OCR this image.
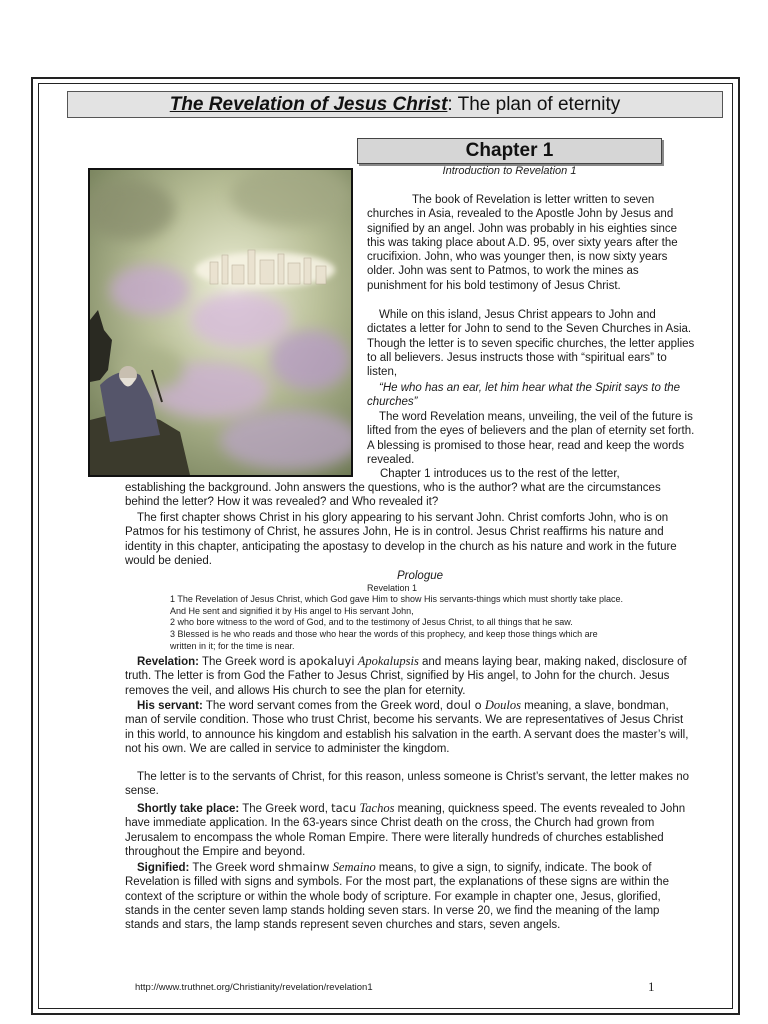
The Revelation of Jesus Christ: The plan of eternity
Chapter 1
Introduction to Revelation 1

The book of Revelation is letter written to seven churches in Asia, revealed to the Apostle John by Jesus and signified by an angel. John was probably in his eighties since this was taking place about A.D. 95, over sixty years after the crucifixion. John, who was younger then, is now sixty years older. John was sent to Patmos, to work the mines as punishment for his bold testimony of Jesus Christ.

While on this island, Jesus Christ appears to John and dictates a letter for John to send to the Seven Churches in Asia. Though the letter is to seven specific churches, the letter applies to all believers. Jesus instructs those with “spiritual ears” to listen,

“He who has an ear, let him hear what the Spirit says to the churches”

The word Revelation means, unveiling, the veil of the future is lifted from the eyes of believers and the plan of eternity set forth. A blessing is promised to those hear, read and keep the words revealed.

Chapter 1 introduces us to the rest of the letter,

establishing the background. John answers the questions, who is the author? what are the circumstances behind the letter? How it was revealed? and Who revealed it?

The first chapter shows Christ in his glory appearing to his servant John. Christ comforts John, who is on Patmos for his testimony of Christ, he assures John, He is in control. Jesus Christ reaffirms his nature and identity in this chapter, anticipating the apostasy to develop in the church as his nature and work in the future would be denied.

Prologue

Revelation 1

1 The Revelation of Jesus Christ, which God gave Him to show His servants-things which must shortly take place. And He sent and signified it by His angel to His servant John,

2 who bore witness to the word of God, and to the testimony of Jesus Christ, to all things that he saw.

3 Blessed is he who reads and those who hear the words of this prophecy, and keep those things which are written in it; for the time is near.

Revelation: The Greek word is apokaluyi Apokalupsis and means laying bear, making naked, disclosure of truth. The letter is from God the Father to Jesus Christ, signified by His angel, to John for the church. Jesus removes the veil, and allows His church to see the plan for eternity.

His servant: The word servant comes from the Greek word, doul o Doulos meaning, a slave, bondman, man of servile condition. Those who trust Christ, become his servants. We are representatives of Jesus Christ in this world, to announce his kingdom and establish his salvation in the earth. A servant does the master’s will, not his own. We are called in service to administer the kingdom.

The letter is to the servants of Christ, for this reason, unless someone is Christ’s servant, the letter makes no sense.

Shortly take place: The Greek word, tacu Tachos meaning, quickness speed. The events revealed to John have immediate application. In the 63-years since Christ death on the cross, the Church had grown from Jerusalem to encompass the whole Roman Empire. There were literally hundreds of churches established throughout the Empire and beyond.

Signified: The Greek word shmainw Semaino means, to give a sign, to signify, indicate. The book of Revelation is filled with signs and symbols. For the most part, the explanations of these signs are within the context of the scripture or within the whole body of scripture. For example in chapter one, Jesus, glorified, stands in the center seven lamp stands holding seven stars. In verse 20, we find the meaning of the lamp stands and stars, the lamp stands represent seven churches and stars, seven angels.

http://www.truthnet.org/Christianity/revelation/revelation1	1
